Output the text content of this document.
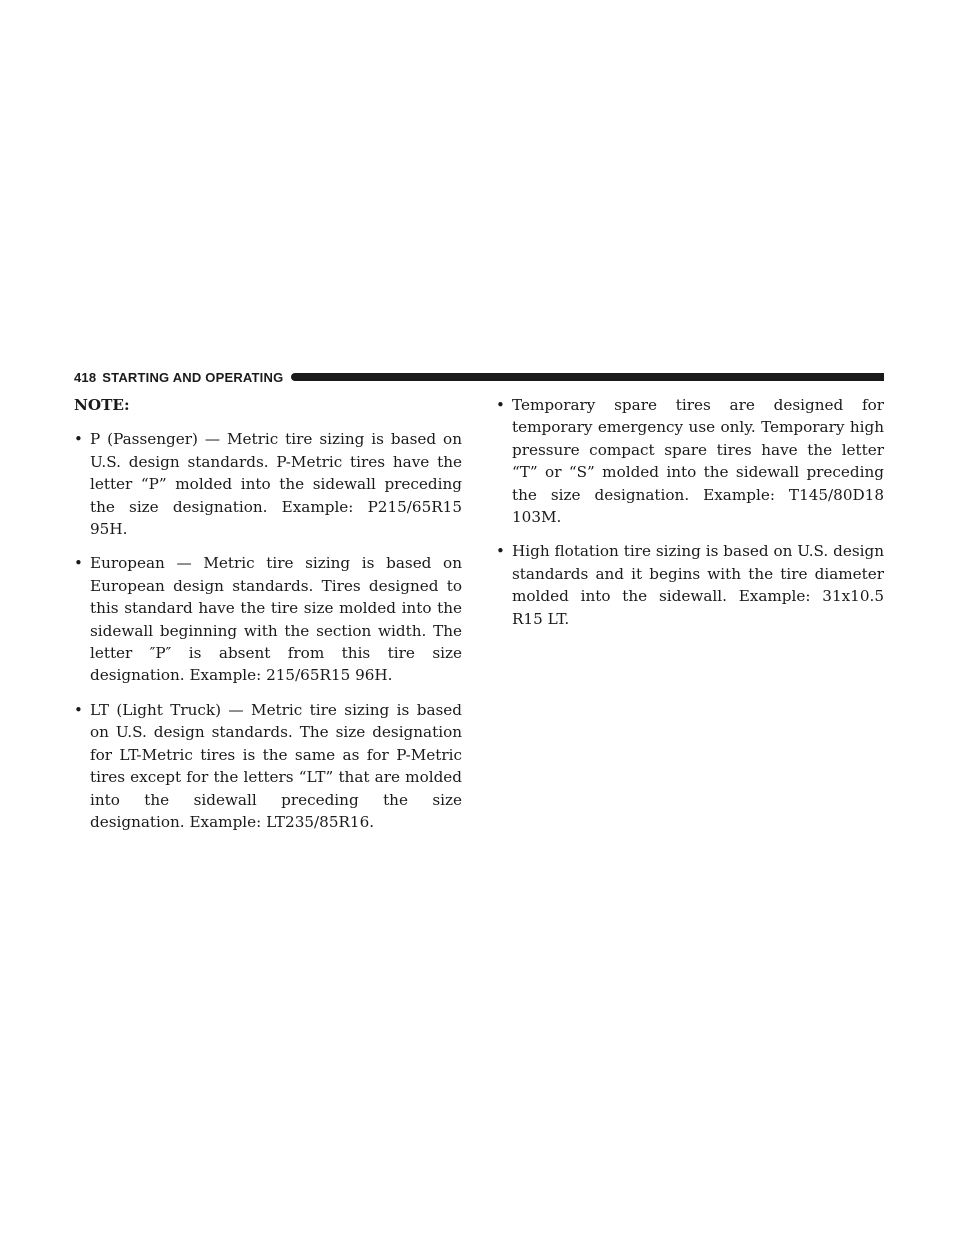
418 STARTING AND OPERATING

NOTE:

• P (Passenger) — Metric tire sizing is based on U.S. design standards. P-Metric tires have the letter “P” molded into the sidewall preceding the size designation. Example: P215/65R15 95H.
• European — Metric tire sizing is based on European design standards. Tires designed to this standard have the tire size molded into the sidewall beginning with the section width. The letter ″P″ is absent from this tire size designation. Example: 215/65R15 96H.
• LT (Light Truck) — Metric tire sizing is based on U.S. design standards. The size designation for LT-Metric tires is the same as for P-Metric tires except for the letters “LT” that are molded into the sidewall preceding the size designation. Example: LT235/85R16.
• Temporary spare tires are designed for temporary emergency use only. Temporary high pressure compact spare tires have the letter “T” or “S” molded into the sidewall preceding the size designation. Example: T145/80D18 103M.
• High flotation tire sizing is based on U.S. design standards and it begins with the tire diameter molded into the sidewall. Example: 31x10.5 R15 LT.
